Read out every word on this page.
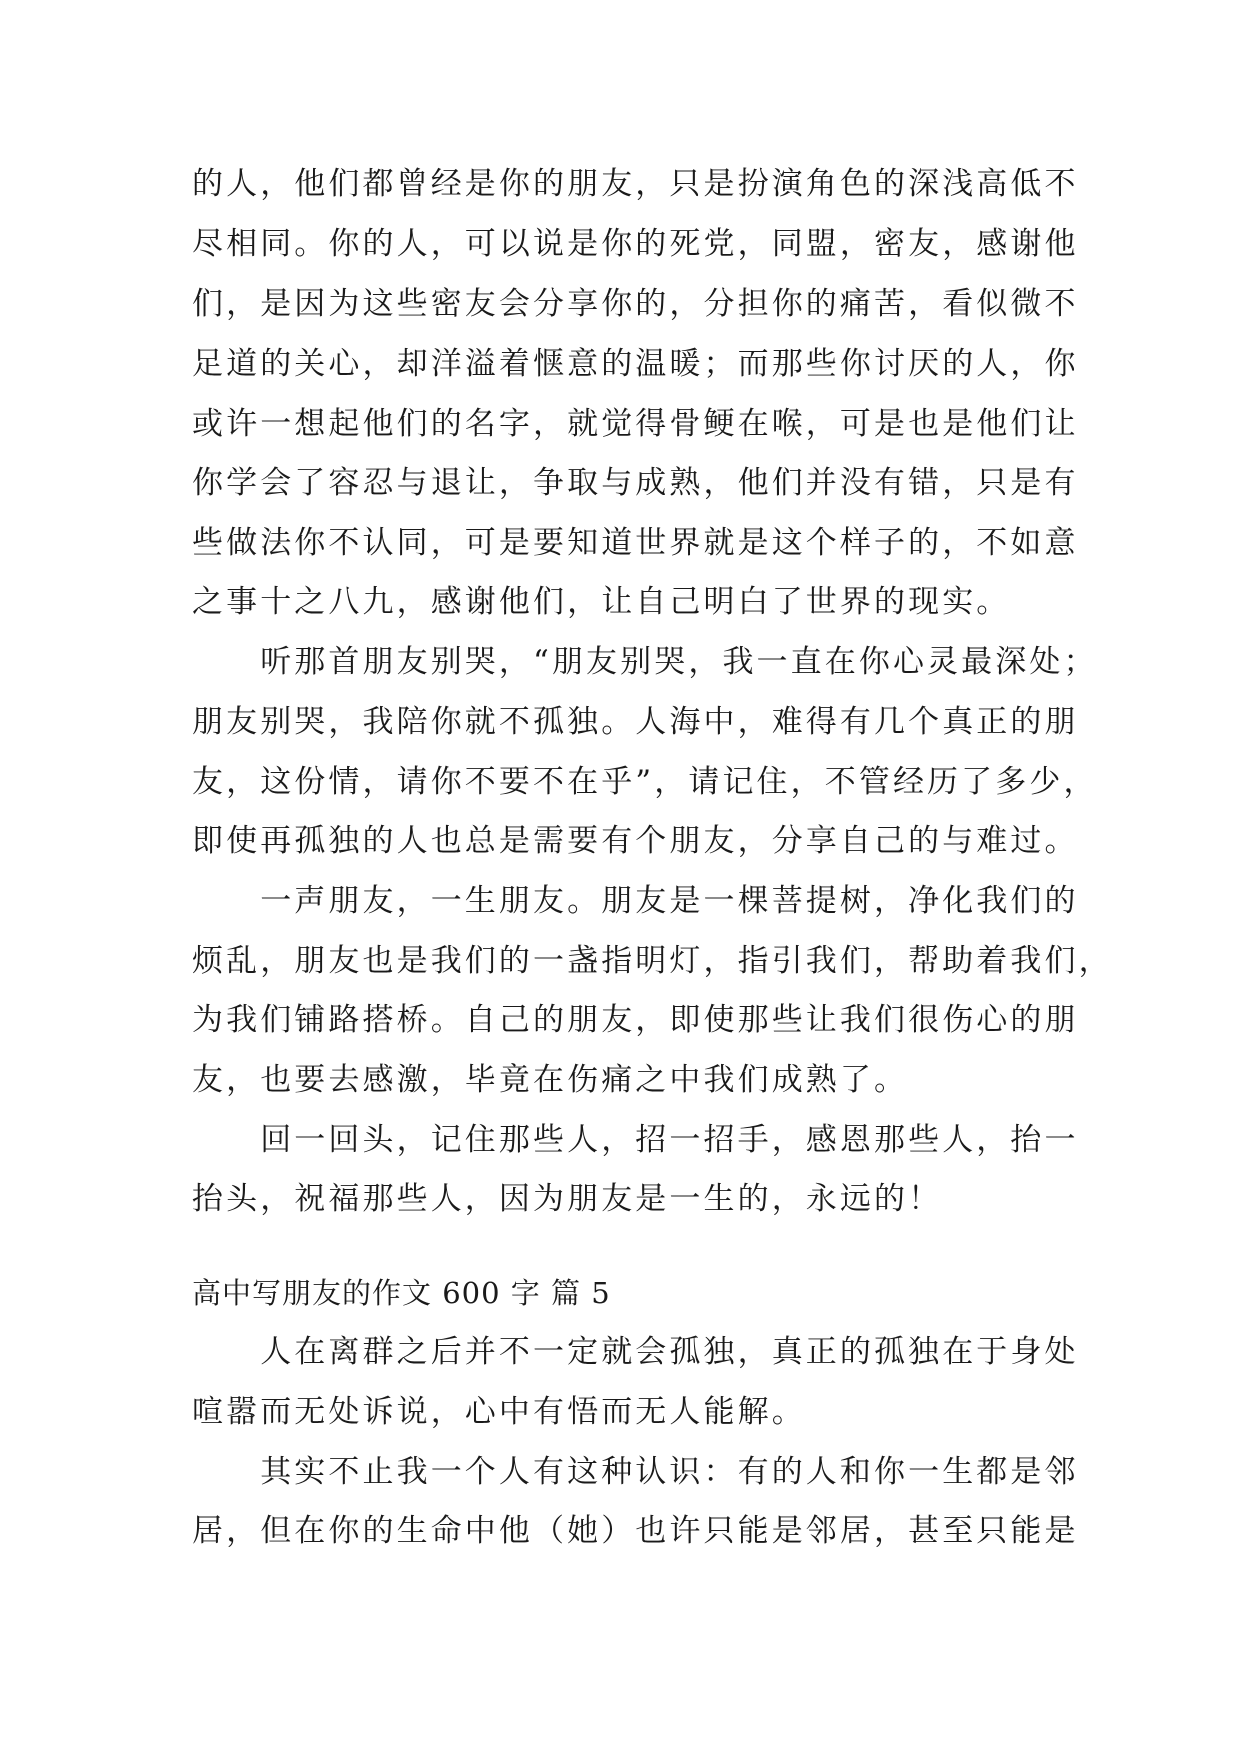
的人，他们都曾经是你的朋友，只是扮演角色的深浅高低不
尽相同。你的人，可以说是你的死党，同盟，密友，感谢他
们，是因为这些密友会分享你的，分担你的痛苦，看似微不
足道的关心，却洋溢着惬意的温暖；而那些你讨厌的人，你
或许一想起他们的名字，就觉得骨鲠在喉，可是也是他们让
你学会了容忍与退让，争取与成熟，他们并没有错，只是有
些做法你不认同，可是要知道世界就是这个样子的，不如意
之事十之八九，感谢他们，让自己明白了世界的现实。
　　听那首朋友别哭，“朋友别哭，我一直在你心灵最深处；
朋友别哭，我陪你就不孤独。人海中，难得有几个真正的朋
友，这份情，请你不要不在乎”，请记住，不管经历了多少，
即使再孤独的人也总是需要有个朋友，分享自己的与难过。
　　一声朋友，一生朋友。朋友是一棵菩提树，净化我们的
烦乱，朋友也是我们的一盏指明灯，指引我们，帮助着我们，
为我们铺路搭桥。自己的朋友，即使那些让我们很伤心的朋
友，也要去感激，毕竟在伤痛之中我们成熟了。
　　回一回头，记住那些人，招一招手，感恩那些人，抬一
抬头，祝福那些人，因为朋友是一生的，永远的！
高中写朋友的作文 600 字 篇 5
　　人在离群之后并不一定就会孤独，真正的孤独在于身处
喧嚣而无处诉说，心中有悟而无人能解。
　　其实不止我一个人有这种认识：有的人和你一生都是邻
居，但在你的生命中他（她）也许只能是邻居，甚至只能是
